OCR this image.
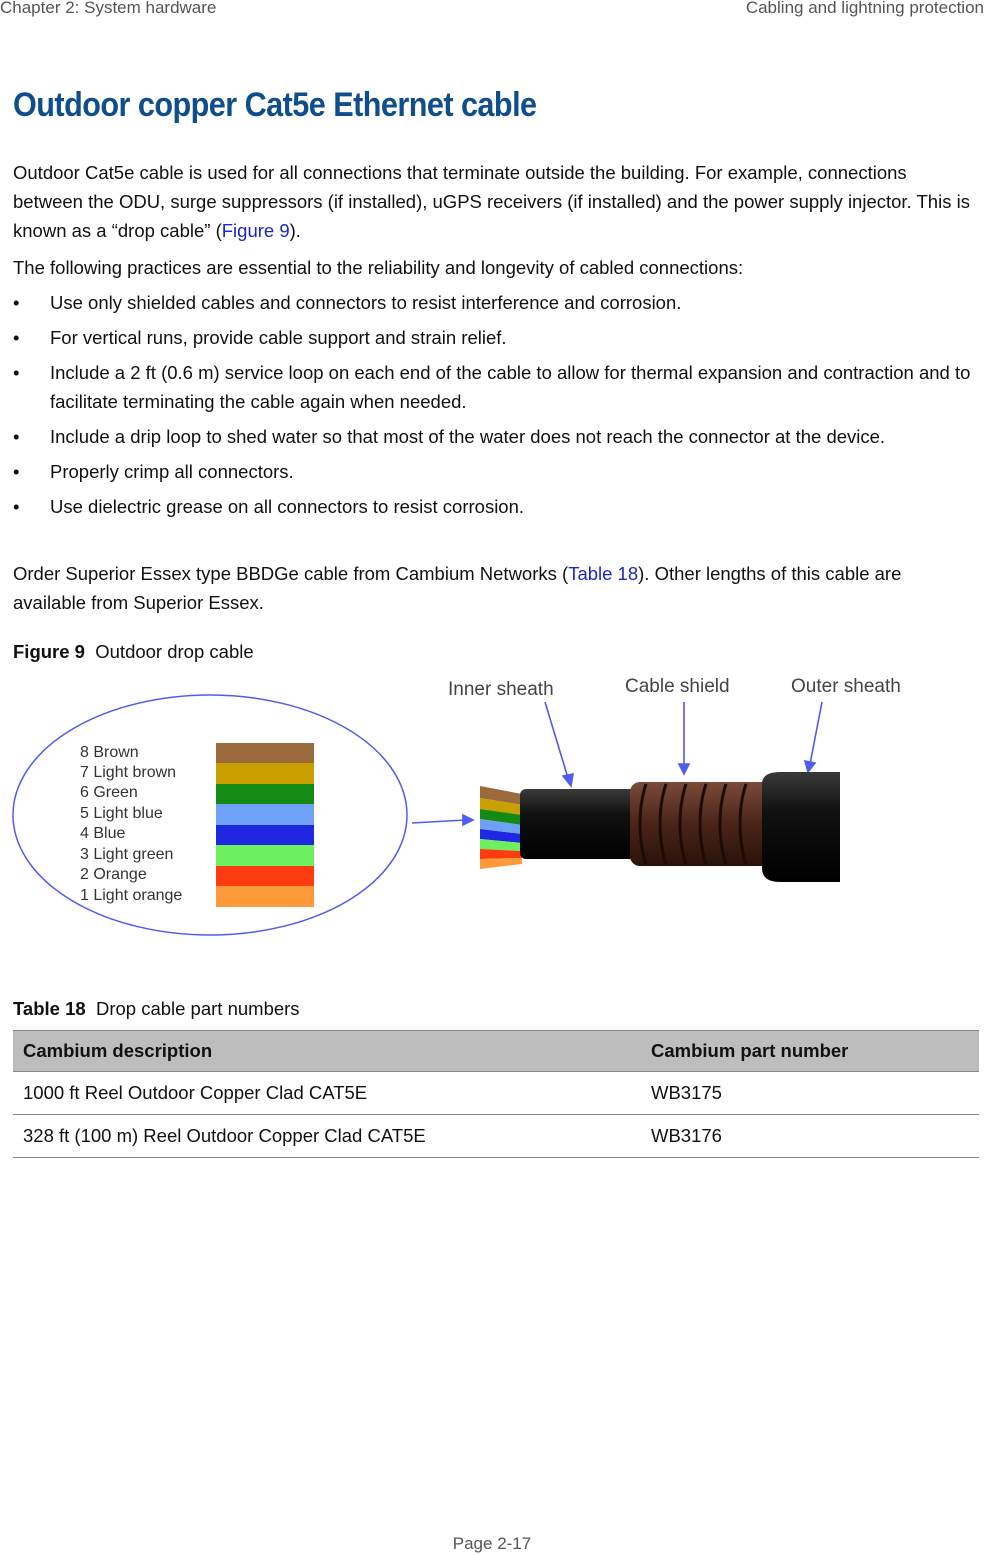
Chapter 2: System hardware	Cabling and lightning protection
Outdoor copper Cat5e Ethernet cable

Outdoor Cat5e cable is used for all connections that terminate outside the building. For example, connections between the ODU, surge suppressors (if installed), uGPS receivers (if installed) and the power supply injector. This is known as a “drop cable” (Figure 9).

The following practices are essential to the reliability and longevity of cabled connections:

• Use only shielded cables and connectors to resist interference and corrosion.
• For vertical runs, provide cable support and strain relief.
• Include a 2 ft (0.6 m) service loop on each end of the cable to allow for thermal expansion and contraction and to facilitate terminating the cable again when needed.
• Include a drip loop to shed water so that most of the water does not reach the connector at the device.
• Properly crimp all connectors.
• Use dielectric grease on all connectors to resist corrosion.

Order Superior Essex type BBDGe cable from Cambium Networks (Table 18). Other lengths of this cable are available from Superior Essex.

Figure 9 Outdoor drop cable
8 Brown
7 Light brown
6 Green
5 Light blue
4 Blue
3 Light green
2 Orange
1 Light orange
Inner sheath	Cable shield	Outer sheath
Table 18 Drop cable part numbers
Cambium description	Cambium part number
1000 ft Reel Outdoor Copper Clad CAT5E	WB3175
328 ft (100 m) Reel Outdoor Copper Clad CAT5E	WB3176
Page 2-17
